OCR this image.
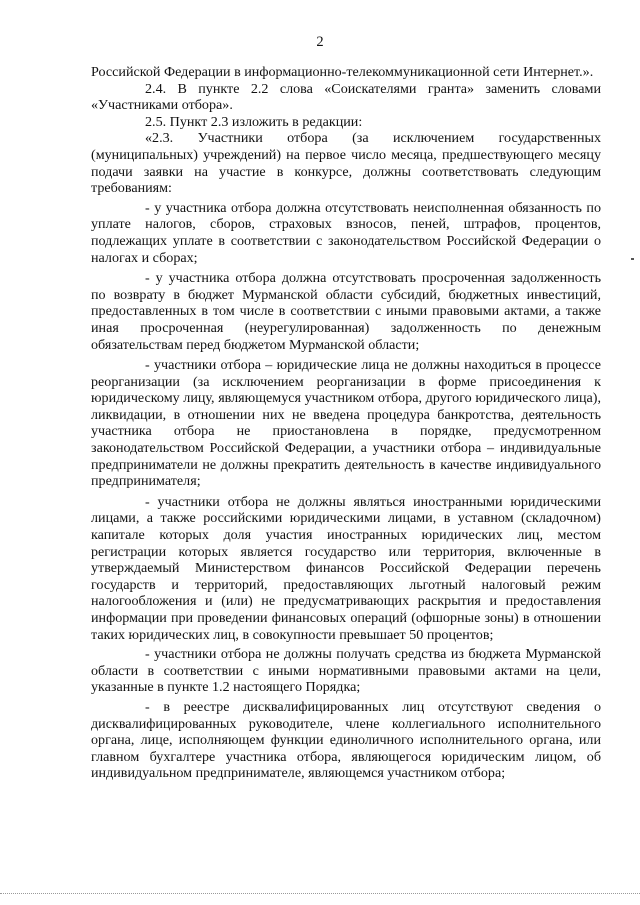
2

Российской Федерации в информационно-телекоммуникационной сети Интернет.».

2.4. В пункте 2.2 слова «Соискателями гранта» заменить словами «Участниками отбора».

2.5. Пункт 2.3 изложить в редакции:

«2.3. Участники отбора (за исключением государственных (муниципальных) учреждений) на первое число месяца, предшествующего месяцу подачи заявки на участие в конкурсе, должны соответствовать следующим требованиям:

- у участника отбора должна отсутствовать неисполненная обязанность по уплате налогов, сборов, страховых взносов, пеней, штрафов, процентов, подлежащих уплате в соответствии с законодательством Российской Федерации о налогах и сборах;

- у участника отбора должна отсутствовать просроченная задолженность по возврату в бюджет Мурманской области субсидий, бюджетных инвестиций, предоставленных в том числе в соответствии с иными правовыми актами, а также иная просроченная (неурегулированная) задолженность по денежным обязательствам перед бюджетом Мурманской области;

- участники отбора – юридические лица не должны находиться в процессе реорганизации (за исключением реорганизации в форме присоединения к юридическому лицу, являющемуся участником отбора, другого юридического лица), ликвидации, в отношении них не введена процедура банкротства, деятельность участника отбора не приостановлена в порядке, предусмотренном законодательством Российской Федерации, а участники отбора – индивидуальные предприниматели не должны прекратить деятельность в качестве индивидуального предпринимателя;

- участники отбора не должны являться иностранными юридическими лицами, а также российскими юридическими лицами, в уставном (складочном) капитале которых доля участия иностранных юридических лиц, местом регистрации которых является государство или территория, включенные в утверждаемый Министерством финансов Российской Федерации перечень государств и территорий, предоставляющих льготный налоговый режим налогообложения и (или) не предусматривающих раскрытия и предоставления информации при проведении финансовых операций (офшорные зоны) в отношении таких юридических лиц, в совокупности превышает 50 процентов;

- участники отбора не должны получать средства из бюджета Мурманской области в соответствии с иными нормативными правовыми актами на цели, указанные в пункте 1.2 настоящего Порядка;

- в реестре дисквалифицированных лиц отсутствуют сведения о дисквалифицированных руководителе, члене коллегиального исполнительного органа, лице, исполняющем функции единоличного исполнительного органа, или главном бухгалтере участника отбора, являющегося юридическим лицом, об индивидуальном предпринимателе, являющемся участником отбора;
